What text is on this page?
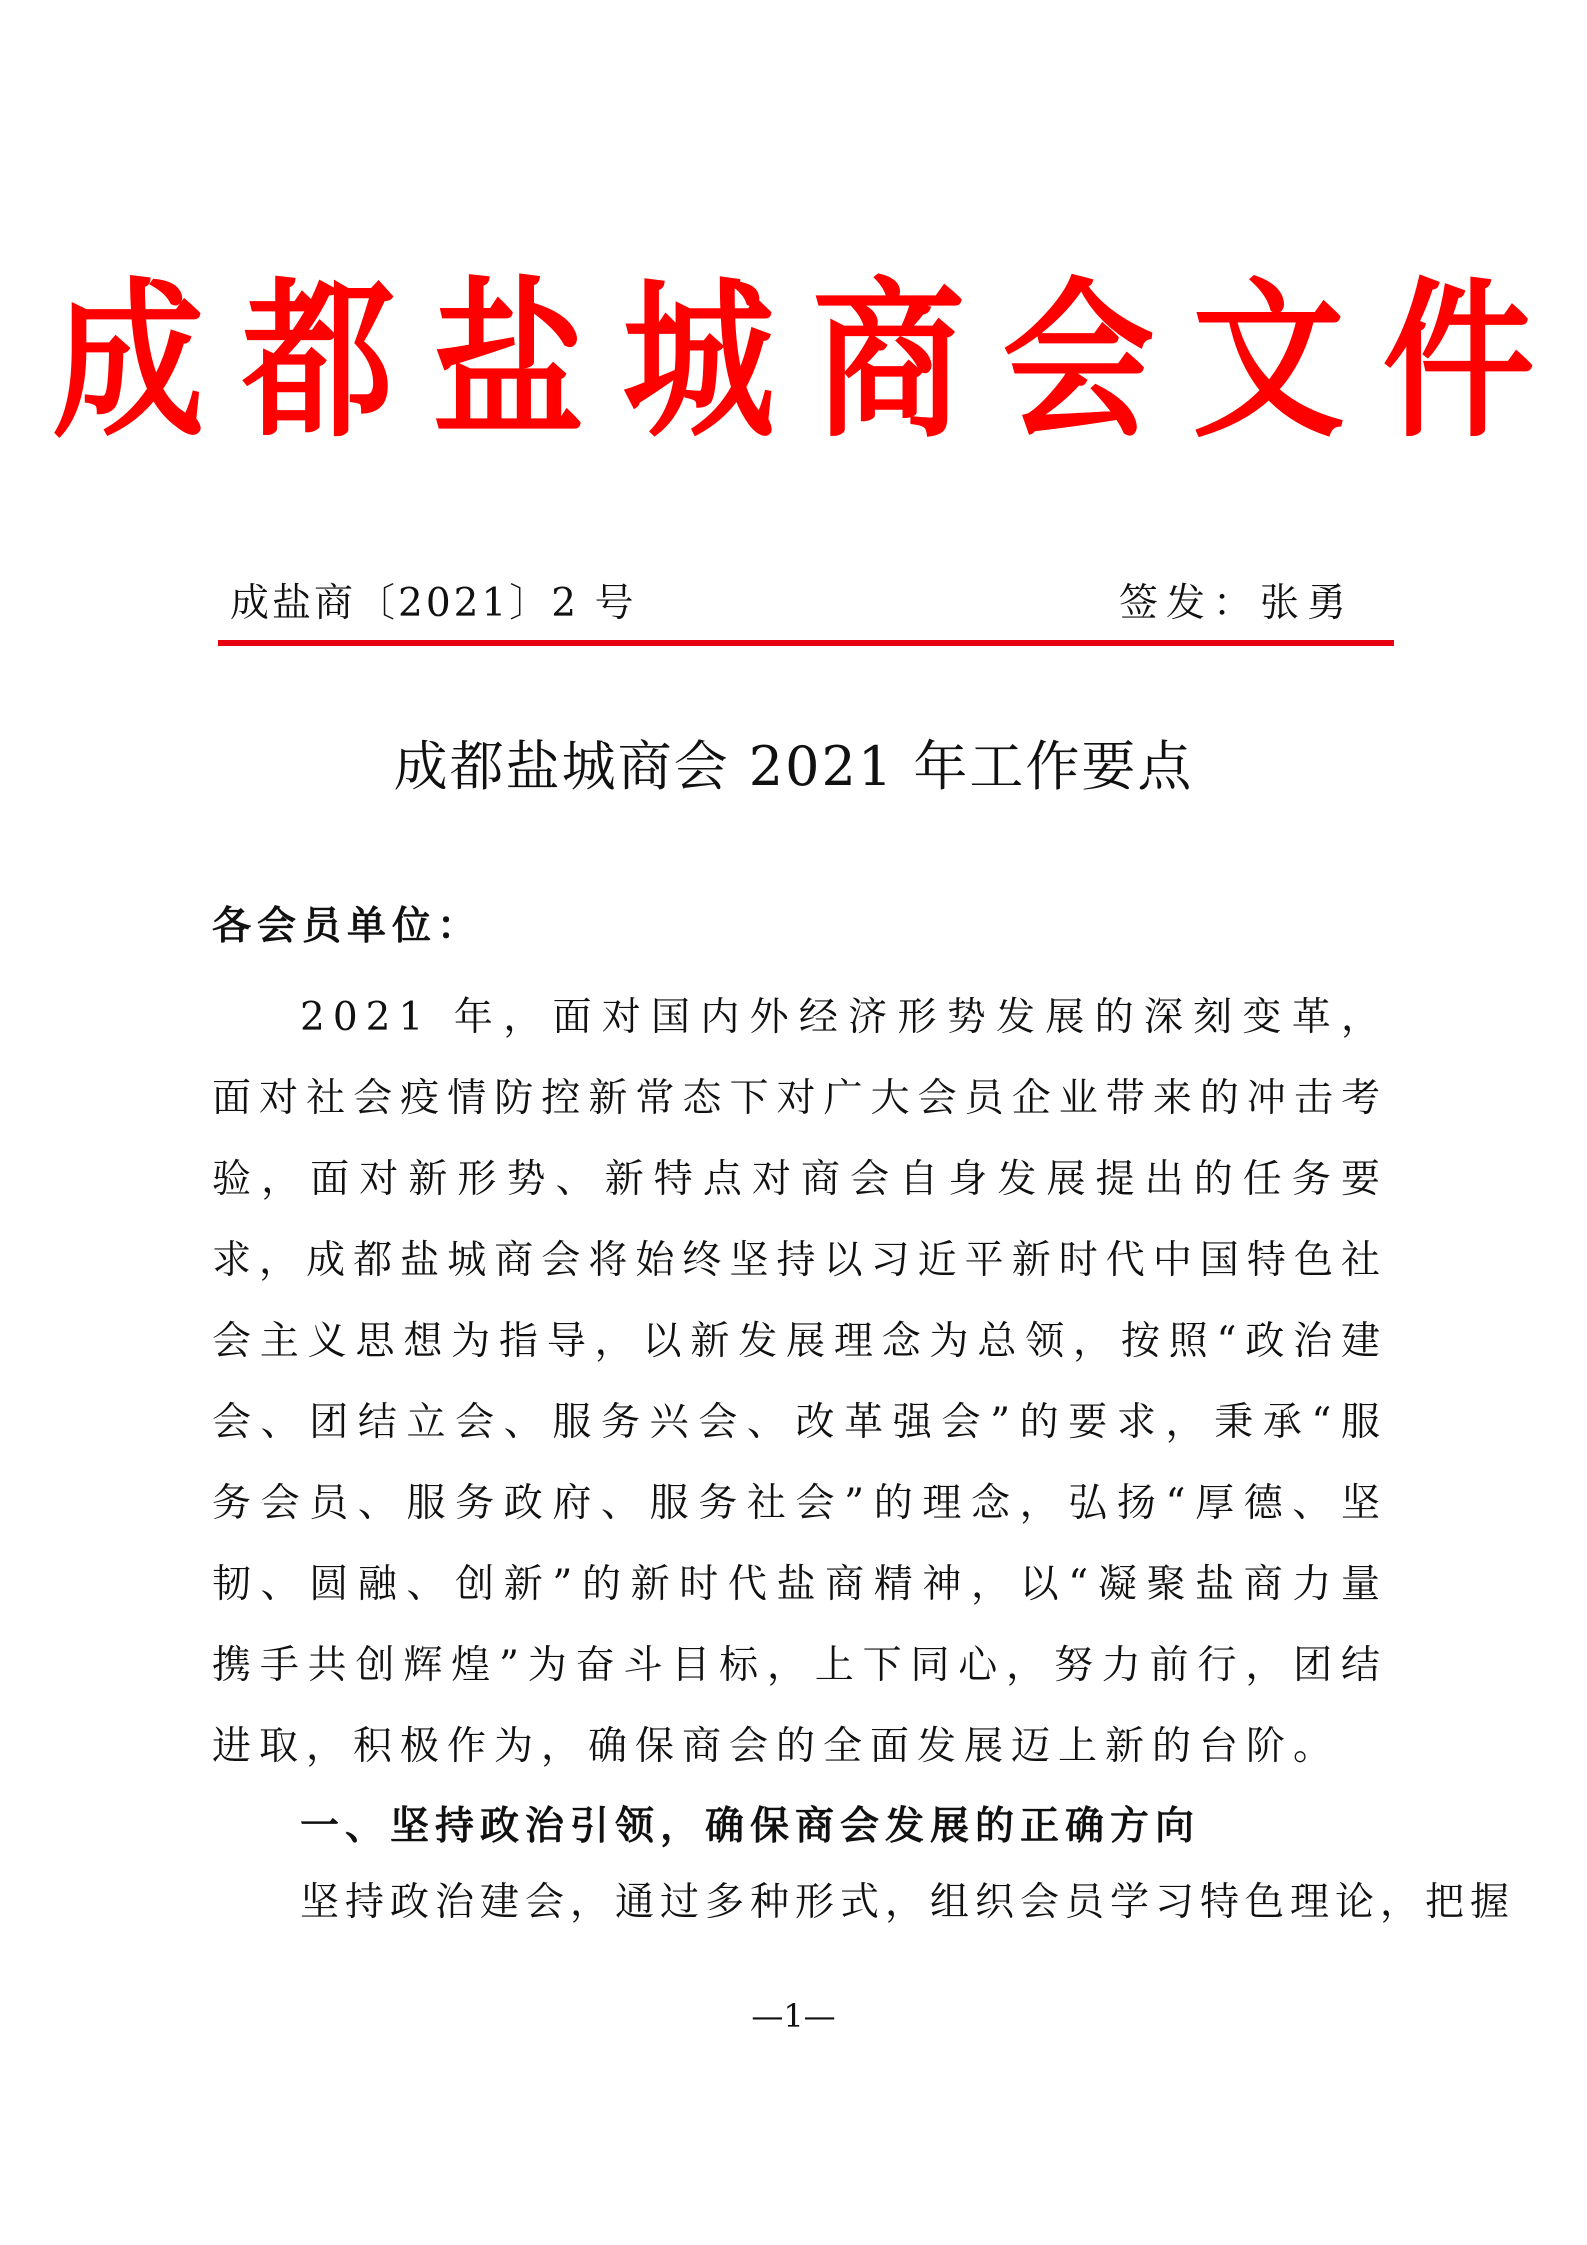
成都盐城商会文件
成盐商〔2021〕2 号	签发：张勇
成都盐城商会 2021 年工作要点
各会员单位：

2021 年，面对国内外经济形势发展的深刻变革，面对社会疫情防控新常态下对广大会员企业带来的冲击考验，面对新形势、新特点对商会自身发展提出的任务要求，成都盐城商会将始终坚持以习近平新时代中国特色社会主义思想为指导，以新发展理念为总领，按照“政治建会、团结立会、服务兴会、改革强会”的要求，秉承“服务会员、服务政府、服务社会”的理念，弘扬“厚德、坚韧、圆融、创新”的新时代盐商精神，以“凝聚盐商力量 携手共创辉煌”为奋斗目标，上下同心，努力前行，团结进取，积极作为，确保商会的全面发展迈上新的台阶。

一、坚持政治引领，确保商会发展的正确方向

坚持政治建会，通过多种形式，组织会员学习特色理论，把握

—1—
